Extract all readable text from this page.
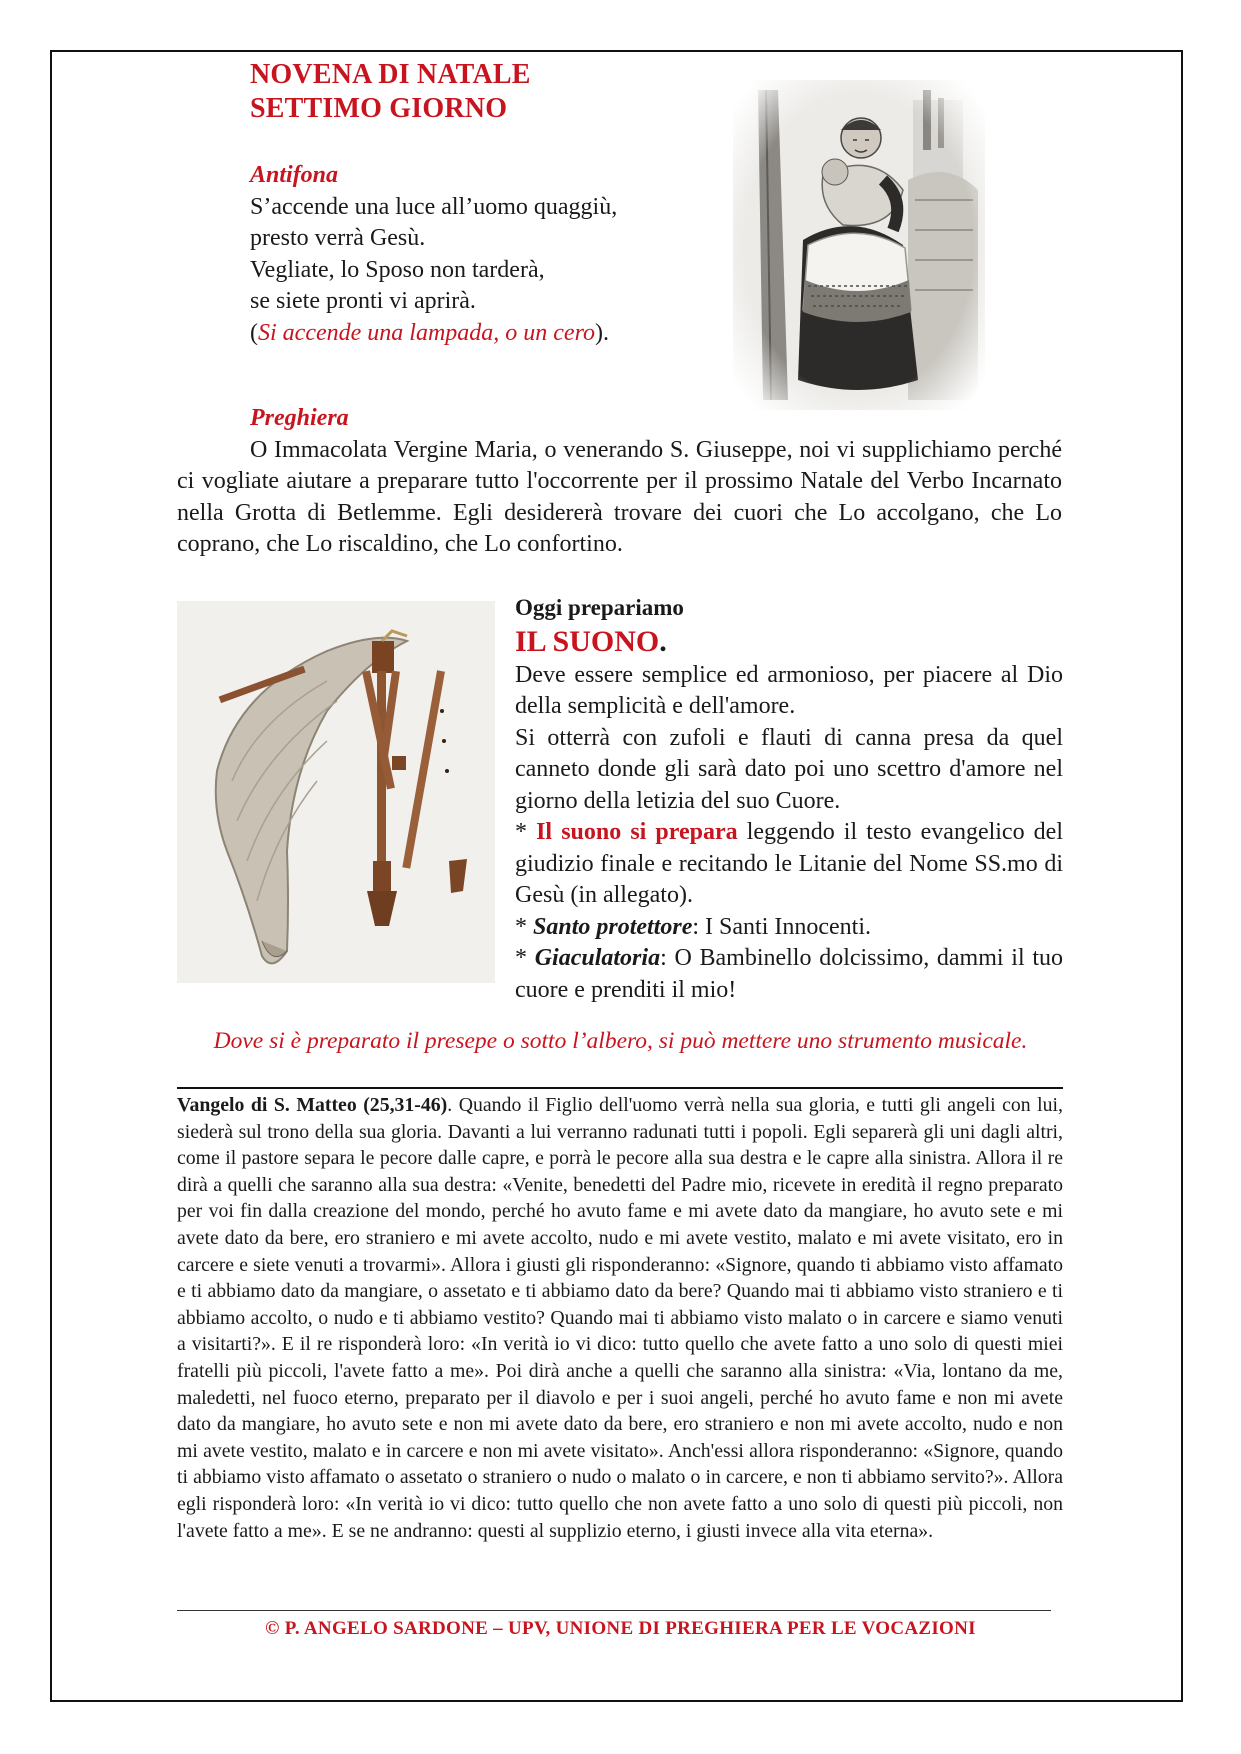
NOVENA DI NATALE
SETTIMO GIORNO
Antifona
S’accende una luce all’uomo quaggiù,
presto verrà Gesù.
Vegliate, lo Sposo non tarderà,
se siete pronti vi aprirà.
(Si accende una lampada, o un cero).
Preghiera
O Immacolata Vergine Maria, o venerando S. Giuseppe, noi vi supplichiamo perché ci vogliate aiutare a preparare tutto l'occorrente per il prossimo Natale del Verbo Incarnato nella Grotta di Betlemme. Egli desidererà trovare dei cuori che Lo accolgano, che Lo coprano, che Lo riscaldino, che Lo confortino.
Oggi prepariamo
IL SUONO.
Deve essere semplice ed armonioso, per piacere al Dio della semplicità e dell'amore.
Si otterrà con zufoli e flauti di canna presa da quel canneto donde gli sarà dato poi uno scettro d'amore nel giorno della letizia del suo Cuore.
* Il suono si prepara leggendo il testo evangelico del giudizio finale e recitando le Litanie del Nome SS.mo di Gesù (in allegato).
* Santo protettore: I Santi Innocenti.
* Giaculatoria: O Bambinello dolcissimo, dammi il tuo cuore e prenditi il mio!
Dove si è preparato il presepe o sotto l’albero, si può mettere uno strumento musicale.
Vangelo di S. Matteo (25,31-46). Quando il Figlio dell'uomo verrà nella sua gloria, e tutti gli angeli con lui, siederà sul trono della sua gloria. Davanti a lui verranno radunati tutti i popoli. Egli separerà gli uni dagli altri, come il pastore separa le pecore dalle capre, e porrà le pecore alla sua destra e le capre alla sinistra. Allora il re dirà a quelli che saranno alla sua destra: «Venite, benedetti del Padre mio, ricevete in eredità il regno preparato per voi fin dalla creazione del mondo, perché ho avuto fame e mi avete dato da mangiare, ho avuto sete e mi avete dato da bere, ero straniero e mi avete accolto, nudo e mi avete vestito, malato e mi avete visitato, ero in carcere e siete venuti a trovarmi». Allora i giusti gli risponderanno: «Signore, quando ti abbiamo visto affamato e ti abbiamo dato da mangiare, o assetato e ti abbiamo dato da bere? Quando mai ti abbiamo visto straniero e ti abbiamo accolto, o nudo e ti abbiamo vestito? Quando mai ti abbiamo visto malato o in carcere e siamo venuti a visitarti?». E il re risponderà loro: «In verità io vi dico: tutto quello che avete fatto a uno solo di questi miei fratelli più piccoli, l'avete fatto a me». Poi dirà anche a quelli che saranno alla sinistra: «Via, lontano da me, maledetti, nel fuoco eterno, preparato per il diavolo e per i suoi angeli, perché ho avuto fame e non mi avete dato da mangiare, ho avuto sete e non mi avete dato da bere, ero straniero e non mi avete accolto, nudo e non mi avete vestito, malato e in carcere e non mi avete visitato». Anch'essi allora risponderanno: «Signore, quando ti abbiamo visto affamato o assetato o straniero o nudo o malato o in carcere, e non ti abbiamo servito?». Allora egli risponderà loro: «In verità io vi dico: tutto quello che non avete fatto a uno solo di questi più piccoli, non l'avete fatto a me». E se ne andranno: questi al supplizio eterno, i giusti invece alla vita eterna».
© P. ANGELO SARDONE – UPV, UNIONE DI PREGHIERA PER LE VOCAZIONI
